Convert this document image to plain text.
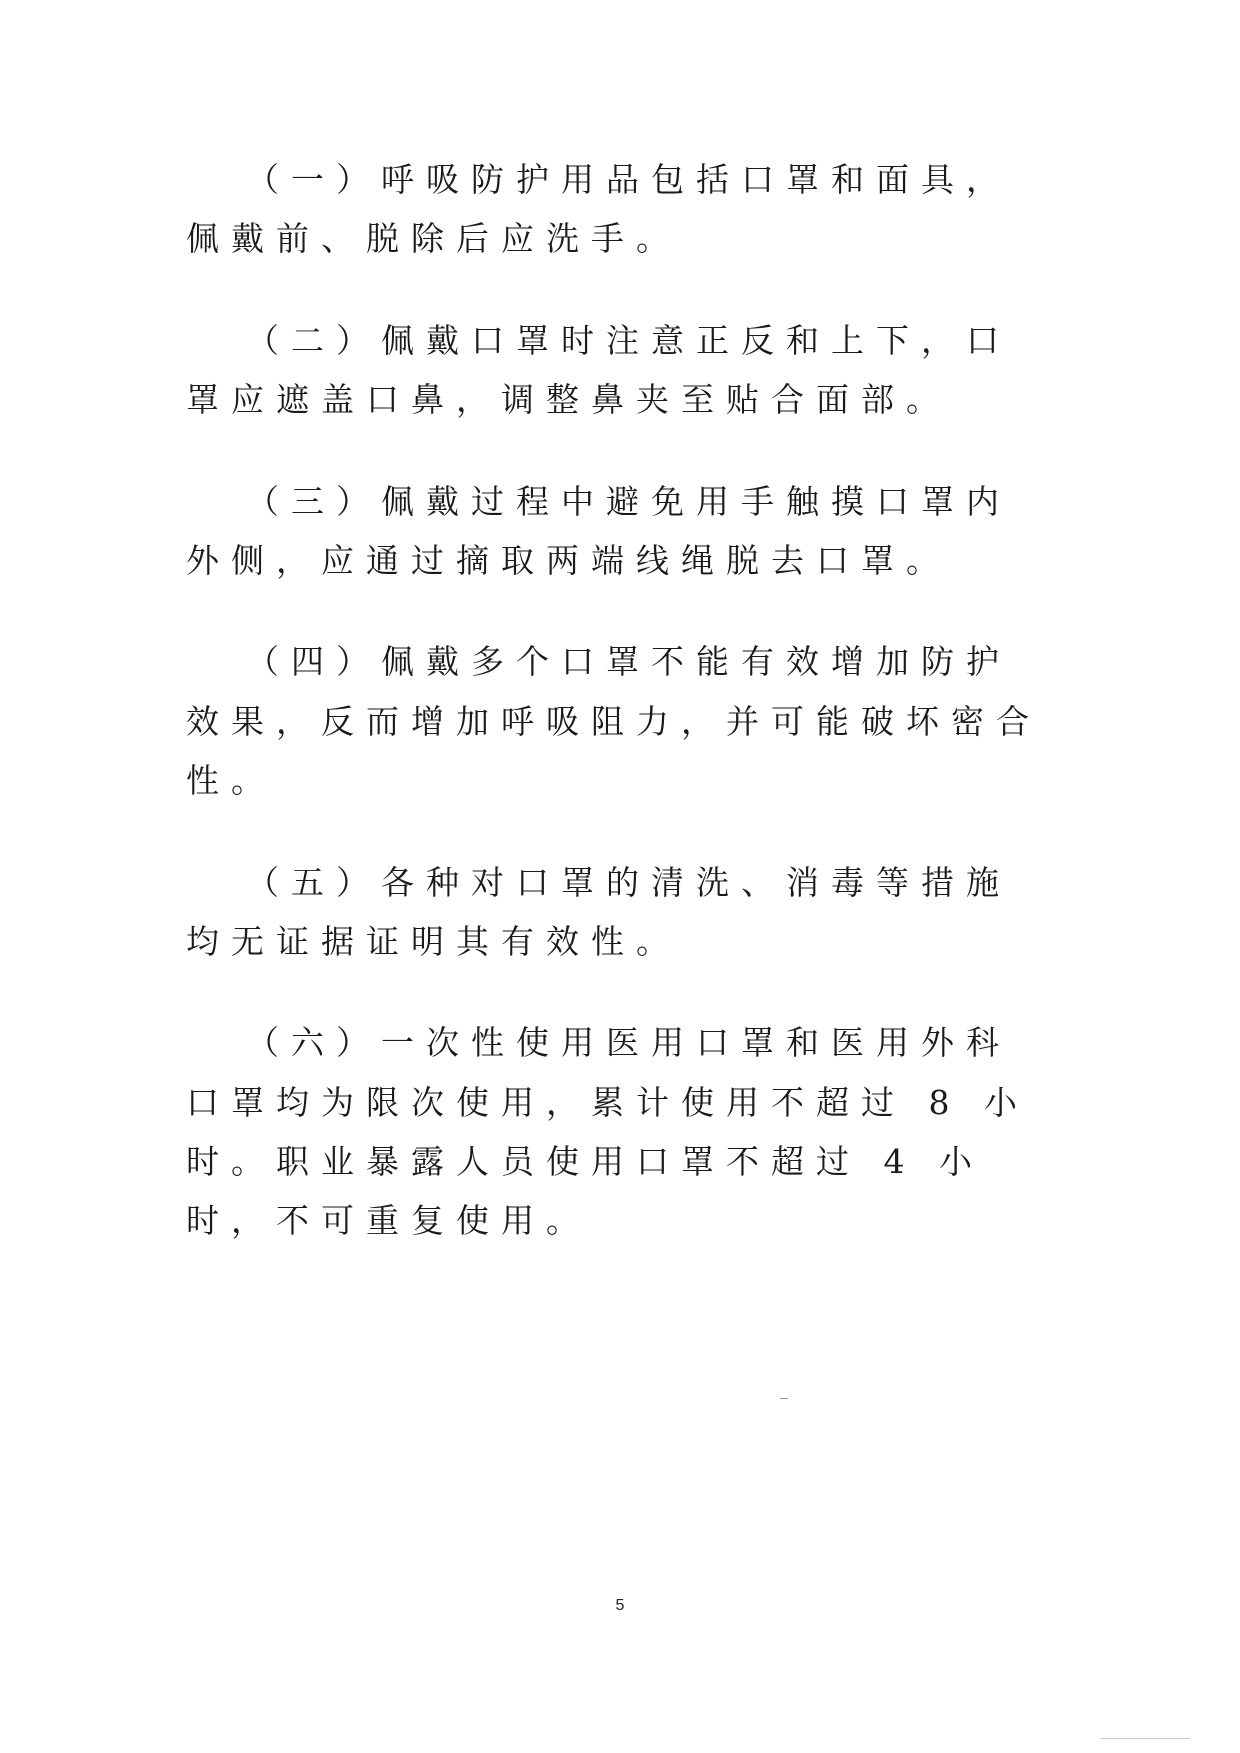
（一）呼吸防护用品包括口罩和面具，佩戴前、脱除后应洗手。

（二）佩戴口罩时注意正反和上下，口罩应遮盖口鼻，调整鼻夹至贴合面部。

（三）佩戴过程中避免用手触摸口罩内外侧，应通过摘取两端线绳脱去口罩。

（四）佩戴多个口罩不能有效增加防护效果，反而增加呼吸阻力，并可能破坏密合性。

（五）各种对口罩的清洗、消毒等措施均无证据证明其有效性。

（六）一次性使用医用口罩和医用外科口罩均为限次使用，累计使用不超过 8 小时。职业暴露人员使用口罩不超过 4 小时，不可重复使用。

5
